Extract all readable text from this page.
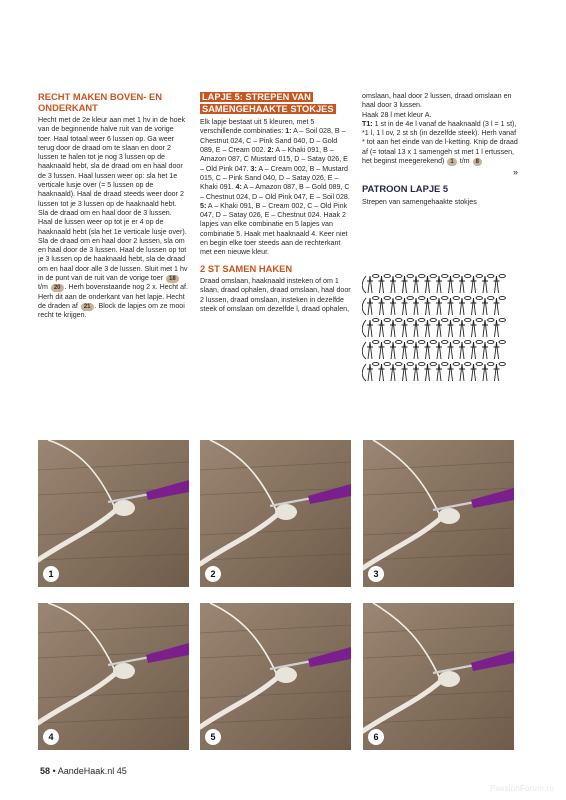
RECHT MAKEN BOVEN- EN ONDERKANT

Hecht met de 2e kleur aan met 1 hv in de hoek van de beginnende halve ruit van de vorige toer. Haal totaal weer 6 lussen op. Ga weer terug door de draad om te slaan en door 2 lussen te halen tot je nog 3 lussen op de haaknaald hebt, sla de draad om en haal door de 3 lussen. Haal lussen weer op: sla het 1e verticale lusje over (= 5 lussen op de haaknaald). Haal de draad steeds weer door 2 lussen tot je 3 lussen op de haaknaald hebt. Sla de draad om en haal door de 3 lussen. Haal de lussen weer op tot je er 4 op de haaknaald hebt (sla het 1e verticale lusje over). Sla de draad om en haal door 2 lussen, sla om en haal door de 3 lussen. Haal de lussen op tot je 3 lussen op de haaknaald hebt, sla de draad om en haal door alle 3 de lussen. Sluit met 1 hv in de punt van de ruit van de vorige toer 18 t/m 20 . Herh bovenstaande nog 2 x. Hecht af. Herh dit aan de onderkant van het lapje. Hecht de draden af 21 . Block de lapjes om ze mooi recht te krijgen.

LAPJE 5: STREPEN VAN
SAMENGEHAAKTE STOKJES

Elk lapje bestaat uit 5 kleuren, met 5 verschillende combinaties: 1: A – Soil 028, B – Chestnut 024, C – Pink Sand 040, D – Gold 089, E – Cream 002. 2: A – Khaki 091, B – Amazon 087, C Mustard 015, D – Satay 026, E – Old Pink 047. 3: A – Cream 002, B – Mustard 015, C – Pink Sand 040, D – Satay 026, E – Khaki 091. 4: A – Amazon 087, B – Gold 089, C – Chestnut 024, D – Old Pink 047, E – Soil 028. 5: A – Khaki 091, B – Cream 002, C – Old Pink 047, D – Satay 026, E – Chestnut 024. Haak 2 lapjes van elke combinatie en 5 lapjes van combinatie 5. Haak met haaknaald 4. Keer niet en begin elke toer steeds aan de rechterkant met een nieuwe kleur.

2 ST SAMEN HAKEN

Draad omslaan, haaknaald insteken of om 1 slaan, draad ophalen, draad omslaan, haal door 2 lussen, draad omslaan, insteken in dezelfde steek of omslaan om dezelfde l, draad ophalen,

omslaan, haal door 2 lussen, draad omslaan en haal door 3 lussen.

Haak 28 l met kleur A.

T1: 1 st in de 4e l vanaf de haaknaald (3 l = 1 st), *1 l, 1 l ov, 2 st sh (in dezelfde steek). Herh vanaf * tot aan het einde van de l-ketting. Knip de draad af (= totaal 13 x 1 samengeh st met 1 l ertussen, het beginst meegerekend) 1 t/m 8

»
PATROON LAPJE 5

Strepen van samengehaakte stokjes

1	2	3
4	5	6
58 • AandeHaak.nl 45
PassionForum.ru
